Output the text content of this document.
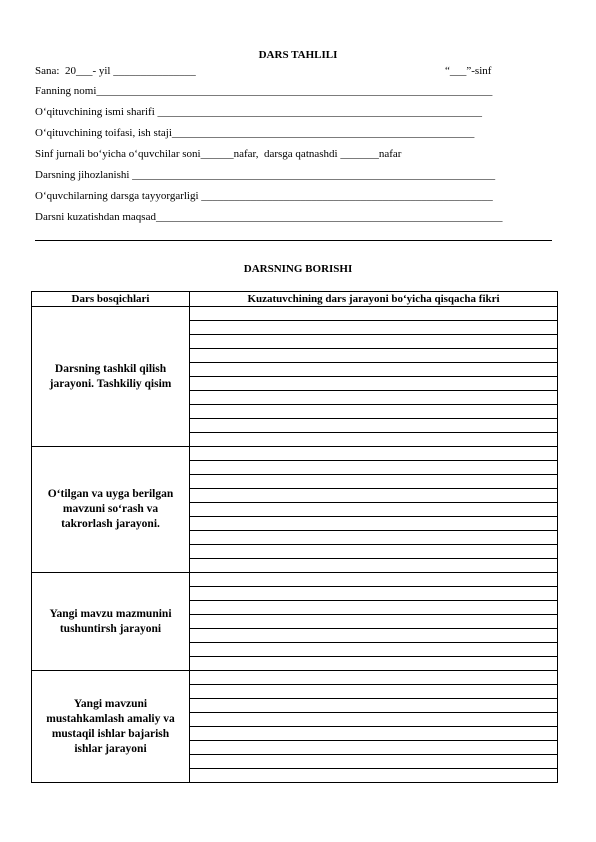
DARS TAHLILI
Sana:  20___- yil _______________	“___”-sinf
Fanning nomi________________________________________________________________________
O‘qituvchining ismi sharifi ___________________________________________________________
O‘qituvchining toifasi, ish staji_______________________________________________________
Sinf jurnali bo‘yicha o‘quvchilar soni______nafar,  darsga qatnashdi _______nafar
Darsning jihozlanishi __________________________________________________________________
O‘quvchilarning darsga tayyorgarligi _____________________________________________________
Darsni kuzatishdan maqsad_______________________________________________________________
DARSNING BORISHI
Dars bosqichlari	Kuzatuvchining dars jarayoni bo‘yicha qisqacha fikri
Darsning tashkil qilish jarayoni. Tashkiliy qisim	

O‘tilgan va uyga berilgan mavzuni so‘rash va takrorlash jarayoni.	

Yangi mavzu mazmunini tushuntirsh jarayoni	

Yangi mavzuni mustahkamlash amaliy va mustaqil ishlar bajarish ishlar jarayoni	
